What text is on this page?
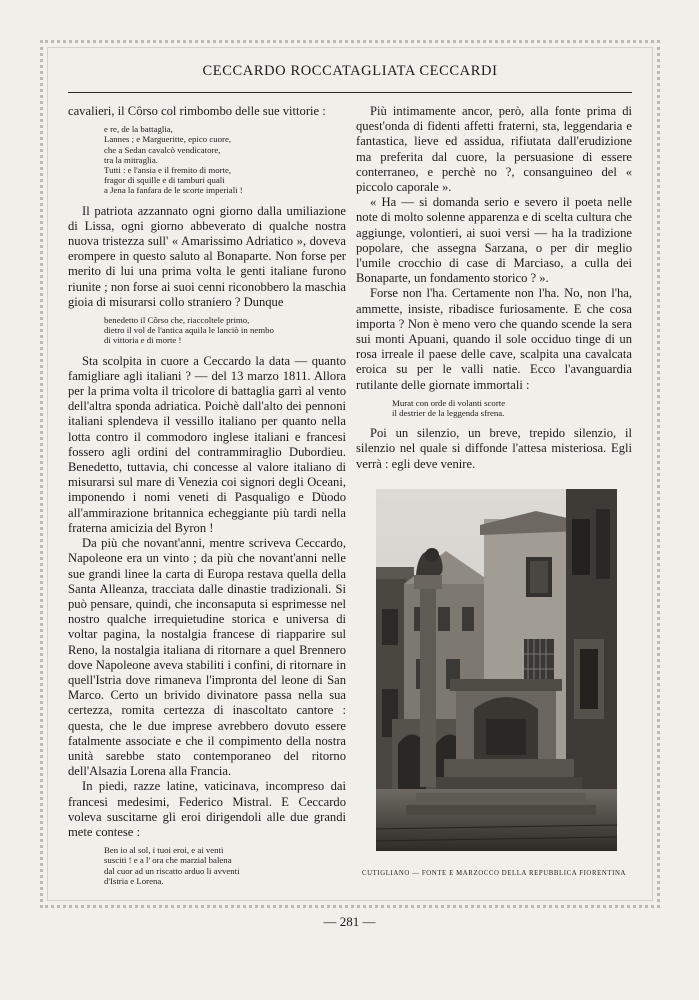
CECCARDO ROCCATAGLIATA CECCARDI

cavalieri, il Côrso col rimbombo delle sue vittorie :

e re, de la battaglia,
Lannes ; e Margueritte, epico cuore,
che a Sedan cavalcò vendicatore,
tra la mitraglia.
Tutti : e l'ansia e il fremito di morte,
fragor di squille e di tamburi quali
a Jena la fanfara de le scorte imperiali !

Il patriota azzannato ogni giorno dalla umiliazione di Lissa, ogni giorno abbeverato di qualche nostra nuova tristezza sull' « Amarissimo Adriatico », doveva erompere in questo saluto al Bonaparte. Non forse per merito di lui una prima volta le genti italiane furono riunite ; non forse ai suoi cenni riconobbero la maschia gioia di misurarsi collo straniero ? Dunque

benedetto il Côrso che, riaccoltele primo,
dietro il vol de l'antica aquila le lanciò in nembo
di vittoria e di morte !

Sta scolpita in cuore a Ceccardo la data — quanto famigliare agli italiani ? — del 13 marzo 1811. Allora per la prima volta il tricolore di battaglia garrì al vento dell'altra sponda adriatica. Poichè dall'alto dei pennoni italiani splendeva il vessillo italiano per quanto nella lotta contro il commodoro inglese italiani e francesi fossero agli ordini del contrammiraglio Dubordieu. Benedetto, tuttavia, chi concesse al valore italiano di misurarsi sul mare di Venezia coi signori degli Oceani, imponendo i nomi veneti di Pasqualigo e Dùodo all'ammirazione britannica echeggiante più tardi nella fraterna amicizia del Byron !

Da più che novant'anni, mentre scriveva Ceccardo, Napoleone era un vinto ; da più che novant'anni nelle sue grandi linee la carta di Europa restava quella della Santa Alleanza, tracciata dalle dinastie tradizionali. Si può pensare, quindi, che inconsaputa si esprimesse nel nostro qualche irrequietudine storica e universa di voltar pagina, la nostalgia francese di riapparire sul Reno, la nostalgia italiana di ritornare a quel Brennero dove Napoleone aveva stabiliti i confini, di ritornare in quell'Istria dove rimaneva l'impronta del leone di San Marco. Certo un brivido divinatore passa nella sua certezza, romita certezza di inascoltato cantore : questa, che le due imprese avrebbero dovuto essere fatalmente associate e che il compimento della nostra unità sarebbe stato contemporaneo del ritorno dell'Alsazia Lorena alla Francia.

In piedi, razze latine, vaticinava, incompreso dai francesi medesimi, Federico Mistral. E Ceccardo voleva suscitarne gli eroi dirigendoli alle due grandi mete contese :

Ben io al sol, i tuoi eroi, e ai venti
susciti ! e a l' ora che marzial balena
dal cuor ad un riscatto arduo li avventi
d'Istria e Lorena.

Più intimamente ancor, però, alla fonte prima di quest'onda di fidenti affetti fraterni, sta, leggendaria e fantastica, lieve ed assidua, rifiutata dall'erudizione ma preferita dal cuore, la persuasione di essere conterraneo, e perchè no ?, consanguineo del « piccolo caporale ».

« Ha — si domanda serio e severo il poeta nelle note di molto solenne apparenza e di scelta cultura che aggiunge, volontieri, ai suoi versi — ha la tradizione popolare, che assegna Sarzana, o per dir meglio l'umile crocchio di case di Marciaso, a culla dei Bonaparte, un fondamento storico ? ».

Forse non l'ha. Certamente non l'ha. No, non l'ha, ammette, insiste, ribadisce furiosamente. E che cosa importa ? Non è meno vero che quando scende la sera sui monti Apuani, quando il sole occiduo tinge di un rosa irreale il paese delle cave, scalpita una cavalcata eroica su per le valli natie. Ecco l'avanguardia rutilante delle giornate immortali :

Murat con orde di volanti scorte
il destrier de la leggenda sfrena.

Poi un silenzio, un breve, trepido silenzio, il silenzio nel quale si diffonde l'attesa misteriosa. Egli verrà : egli deve venire.

CUTIGLIANO — FONTE E MARZOCCO DELLA REPUBBLICA FIORENTINA
— 281 —
